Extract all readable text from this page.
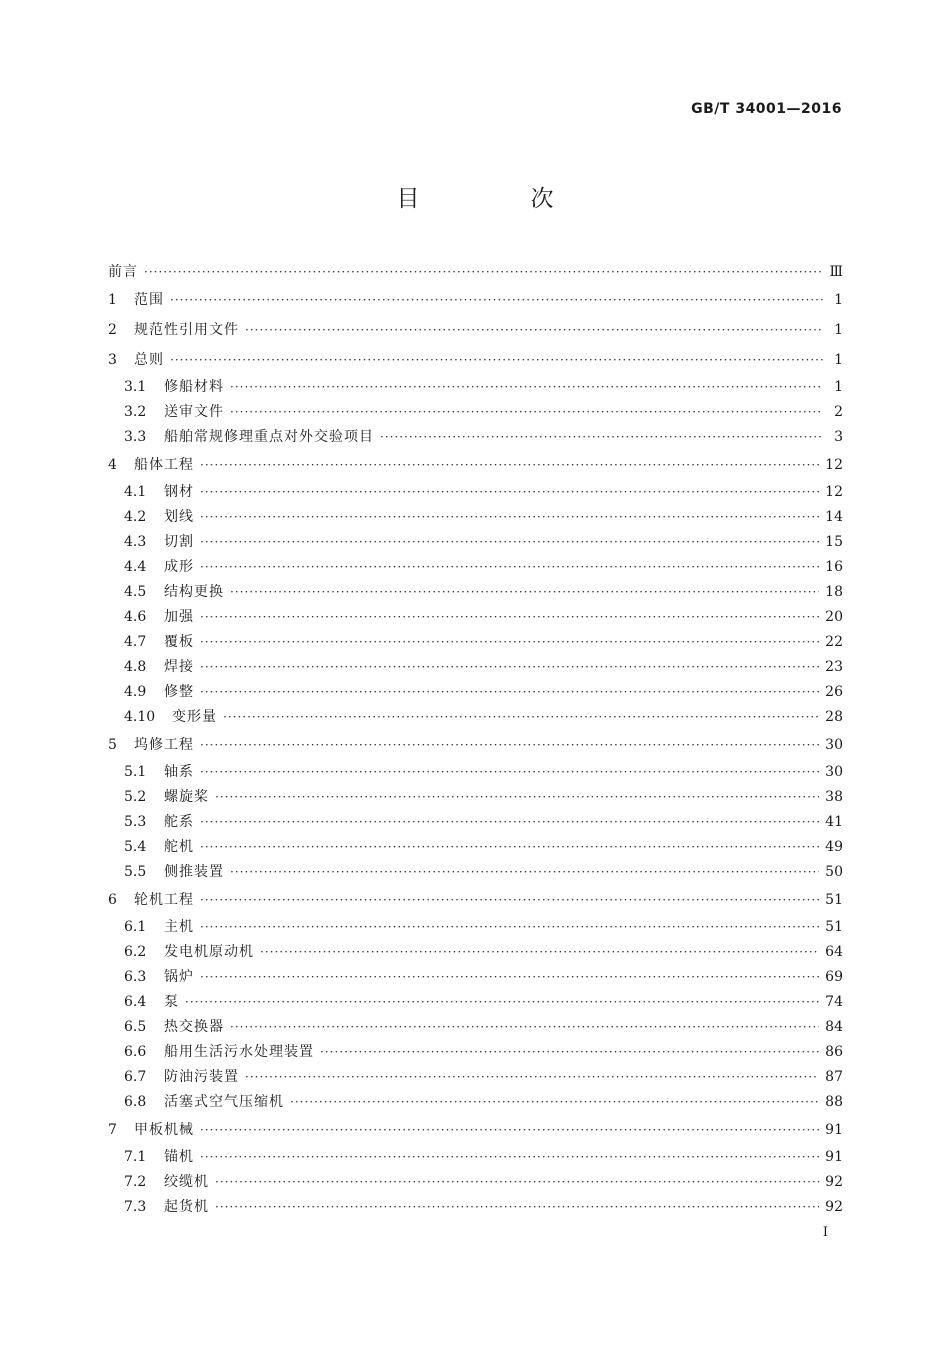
GB/T 34001—2016
目　次
前言 ·····	Ⅲ
1	范围 ·····	1
2	规范性引用文件 ·····	1
3	总则 ·····	1
3.1	修船材料 ·····	1
3.2	送审文件 ·····	2
3.3	船舶常规修理重点对外交验项目 ·····	3
4	船体工程 ·····	12
4.1	钢材 ·····	12
4.2	划线 ·····	14
4.3	切割 ·····	15
4.4	成形 ·····	16
4.5	结构更换 ·····	18
4.6	加强 ·····	20
4.7	覆板 ·····	22
4.8	焊接 ·····	23
4.9	修整 ·····	26
4.10	变形量 ·····	28
5	坞修工程 ·····	30
5.1	轴系 ·····	30
5.2	螺旋桨 ·····	38
5.3	舵系 ·····	41
5.4	舵机 ·····	49
5.5	侧推装置 ·····	50
6	轮机工程 ·····	51
6.1	主机 ·····	51
6.2	发电机原动机 ·····	64
6.3	锅炉 ·····	69
6.4	泵 ·····	74
6.5	热交换器 ·····	84
6.6	船用生活污水处理装置 ·····	86
6.7	防油污装置 ·····	87
6.8	活塞式空气压缩机 ·····	88
7	甲板机械 ·····	91
7.1	锚机 ·····	91
7.2	绞缆机 ·····	92
7.3	起货机 ·····	92
I
